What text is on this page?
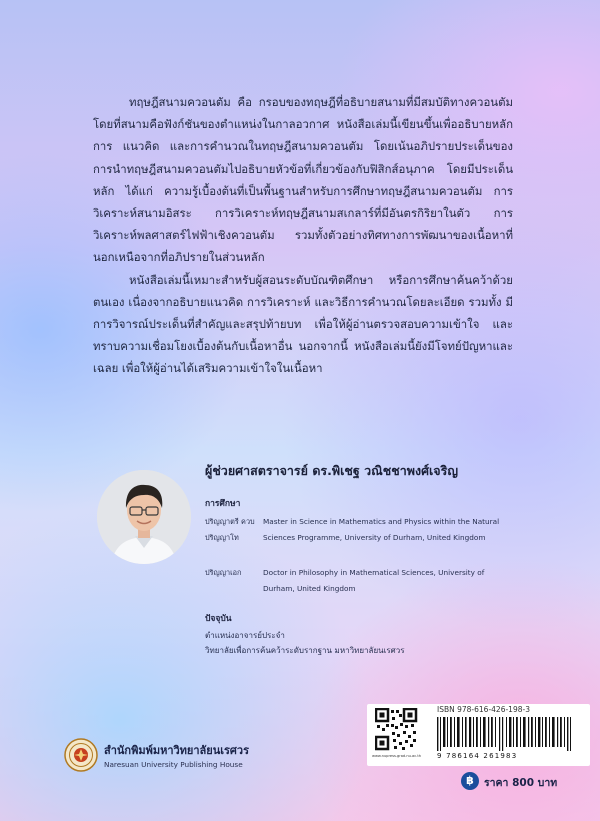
ทฤษฎีสนามควอนตัม คือ กรอบของทฤษฎีที่อธิบายสนามที่มีสมบัติทางควอนตัม โดยที่สนามคือฟังก์ชันของตำแหน่งในกาลอวกาศ หนังสือเล่มนี้เขียนขึ้นเพื่ออธิบายหลักการ แนวคิด และการคำนวณในทฤษฎีสนามควอนตัม โดยเน้นอภิปรายประเด็นของการนำทฤษฎีสนามควอนตัมไปอธิบายหัวข้อที่เกี่ยวข้องกับฟิสิกส์อนุภาค โดยมีประเด็นหลัก ได้แก่ ความรู้เบื้องต้นที่เป็นพื้นฐานสำหรับการศึกษาทฤษฎีสนามควอนตัม การวิเคราะห์สนามอิสระ การวิเคราะห์ทฤษฎีสนามสเกลาร์ที่มีอันตรกิริยาในตัว การวิเคราะห์พลศาสตร์ไฟฟ้าเชิงควอนตัม รวมทั้งตัวอย่างทิศทางการพัฒนาของเนื้อหาที่นอกเหนือจากที่อภิปรายในส่วนหลัก

หนังสือเล่มนี้เหมาะสำหรับผู้สอนระดับบัณฑิตศึกษา หรือการศึกษาค้นคว้าด้วยตนเอง เนื่องจากอธิบายแนวคิด การวิเคราะห์ และวิธีการคำนวณโดยละเอียด รวมทั้ง มีการวิจารณ์ประเด็นที่สำคัญและสรุปท้ายบท เพื่อให้ผู้อ่านตรวจสอบความเข้าใจ และทราบความเชื่อมโยงเบื้องต้นกับเนื้อหาอื่น นอกจากนี้ หนังสือเล่มนี้ยังมีโจทย์ปัญหาและเฉลย เพื่อให้ผู้อ่านได้เสริมความเข้าใจในเนื้อหา

ผู้ช่วยศาสตราจารย์ ดร.พิเชฐ วณิชชาพงศ์เจริญ
การศึกษา
ปริญญาตรี ควบปริญญาโท
Master in Science in Mathematics and Physics within the Natural Sciences Programme, University of Durham, United Kingdom
ปริญญาเอก	Doctor in Philosophy in Mathematical Sciences, University of Durham, United Kingdom
ปัจจุบัน
ตำแหน่งอาจารย์ประจำ
วิทยาลัยเพื่อการค้นคว้าระดับรากฐาน มหาวิทยาลัยนเรศวร
ISBN 978-616-426-198-3
9 786164 261983
www.nupress.grad.nu.ac.th
สำนักพิมพ์มหาวิทยาลัยนเรศวร
Naresuan University Publishing House
฿ ราคา 800 บาท
